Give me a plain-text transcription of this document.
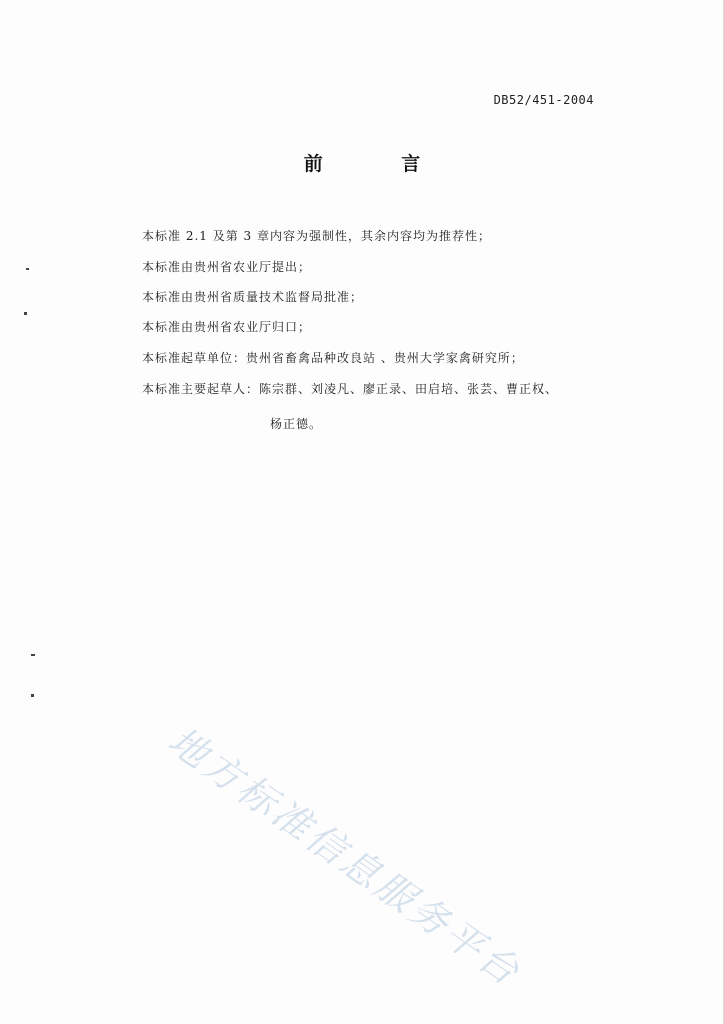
DB52/451-2004
前 言
本标准 2.1 及第 3 章内容为强制性，其余内容均为推荐性；
本标准由贵州省农业厅提出；
本标准由贵州省质量技术监督局批准；
本标准由贵州省农业厅归口；
本标准起草单位：贵州省畜禽品种改良站 、贵州大学家禽研究所；
本标准主要起草人：陈宗群、刘凌凡、廖正录、田启培、张芸、曹正权、
杨正德。
地方标准信息服务平台
